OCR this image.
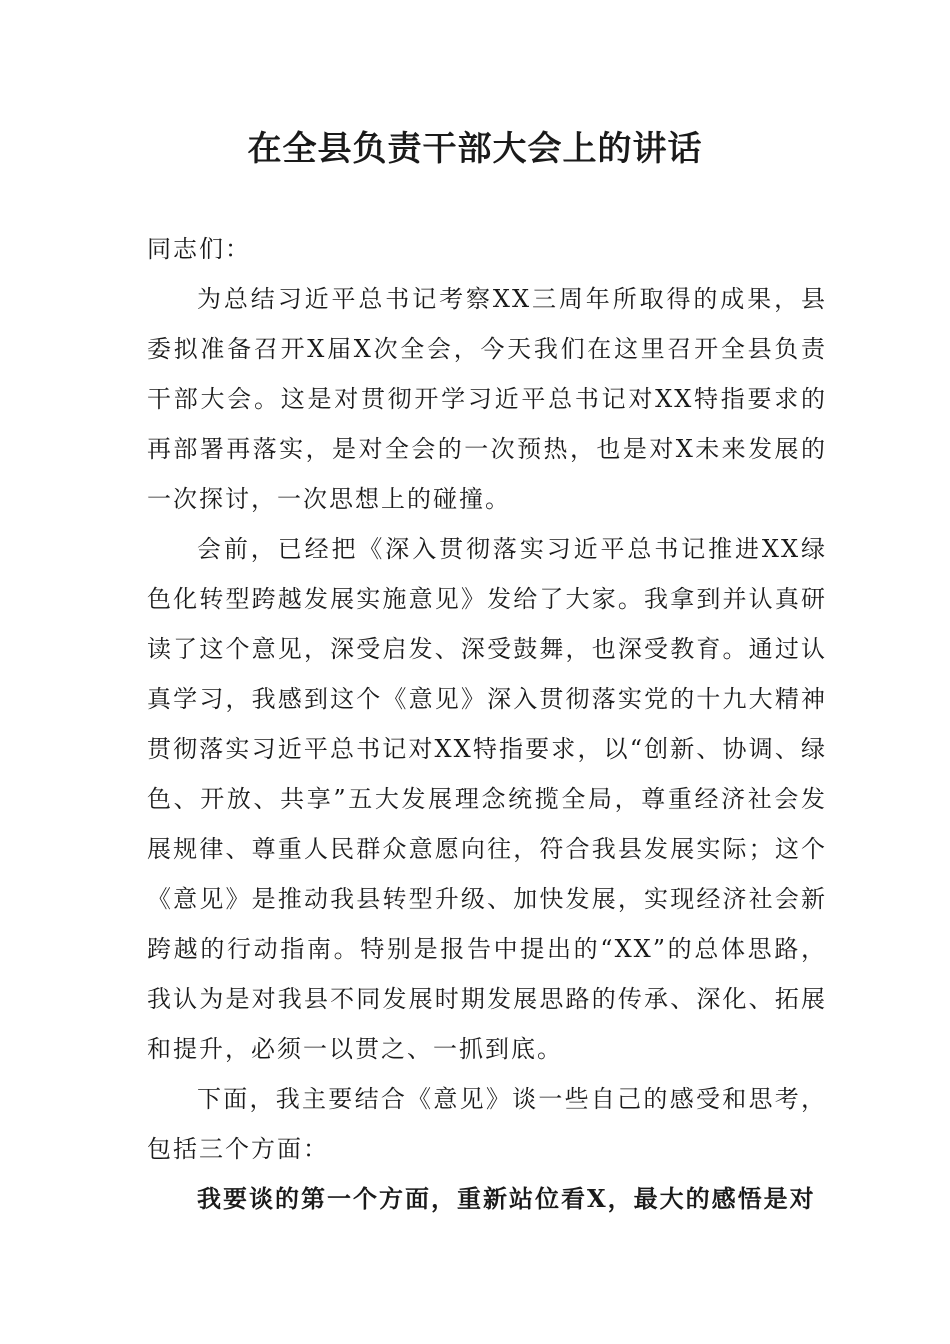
在全县负责干部大会上的讲话

同志们：

为总结习近平总书记考察XX三周年所取得的成果，县委拟准备召开X届X次全会，今天我们在这里召开全县负责干部大会。这是对贯彻开学习近平总书记对XX特指要求的再部署再落实，是对全会的一次预热，也是对X未来发展的一次探讨，一次思想上的碰撞。

会前，已经把《深入贯彻落实习近平总书记推进XX绿色化转型跨越发展实施意见》发给了大家。我拿到并认真研读了这个意见，深受启发、深受鼓舞，也深受教育。通过认真学习，我感到这个《意见》深入贯彻落实党的十九大精神贯彻落实习近平总书记对XX特指要求，以“创新、协调、绿色、开放、共享”五大发展理念统揽全局，尊重经济社会发展规律、尊重人民群众意愿向往，符合我县发展实际；这个《意见》是推动我县转型升级、加快发展，实现经济社会新跨越的行动指南。特别是报告中提出的“XX”的总体思路，我认为是对我县不同发展时期发展思路的传承、深化、拓展和提升，必须一以贯之、一抓到底。

下面，我主要结合《意见》谈一些自己的感受和思考，包括三个方面：

我要谈的第一个方面，重新站位看X，最大的感悟是对
